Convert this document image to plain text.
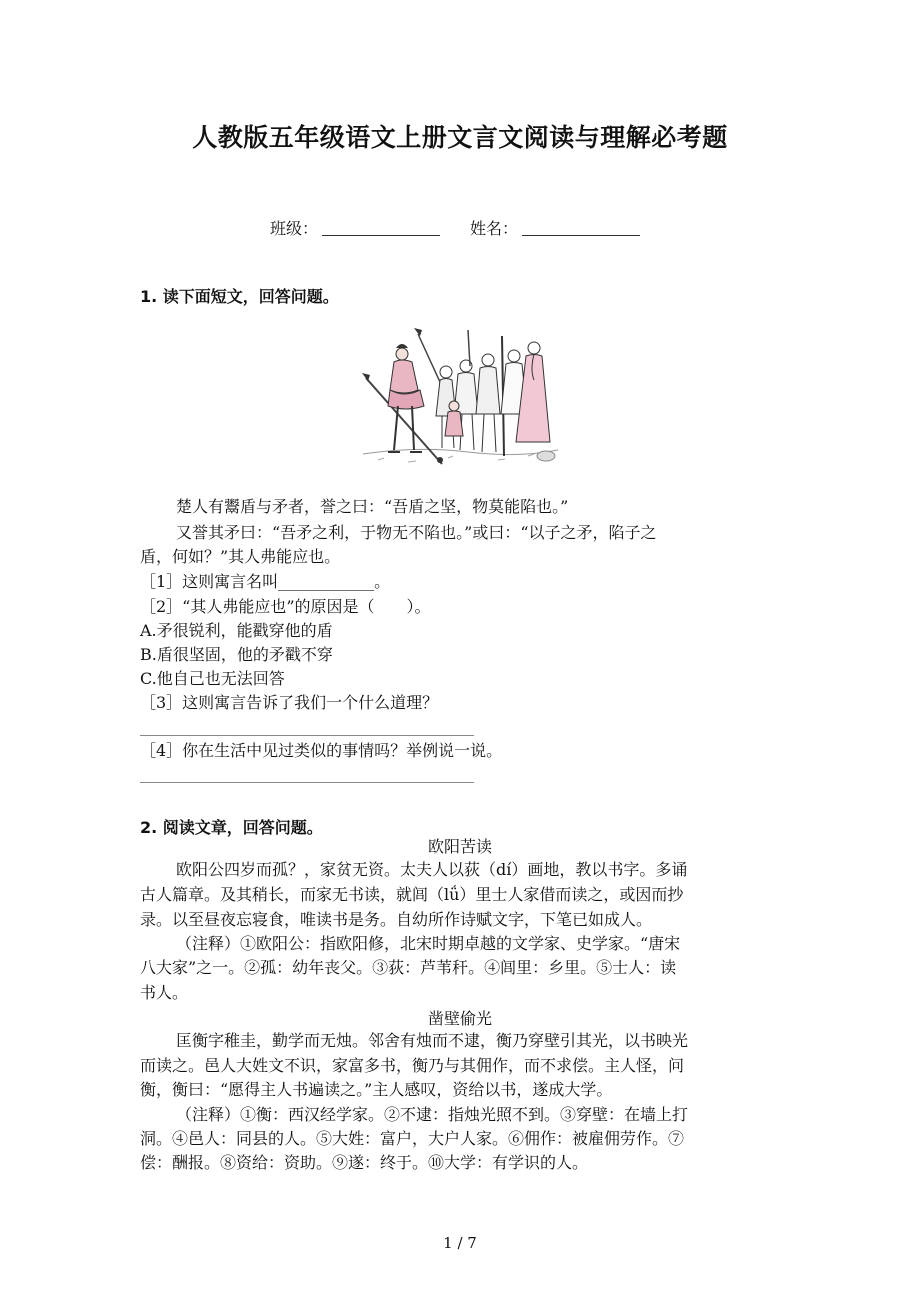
人教版五年级语文上册文言文阅读与理解必考题
班级：	姓名：
1. 读下面短文，回答问题。
楚人有鬻盾与矛者，誉之曰：“吾盾之坚，物莫能陷也。”
又誉其矛曰：“吾矛之利，于物无不陷也。”或曰：“以子之矛，陷子之
盾，何如？”其人弗能应也。
［1］这则寓言名叫____________。
［2］“其人弗能应也”的原因是（　　）。
A.矛很锐利，能戳穿他的盾
B.盾很坚固，他的矛戳不穿
C.他自己也无法回答
［3］这则寓言告诉了我们一个什么道理？
［4］你在生活中见过类似的事情吗？举例说一说。
2. 阅读文章，回答问题。
欧阳苦读
欧阳公四岁而孤？，家贫无资。太夫人以荻（dí）画地，教以书字。多诵
古人篇章。及其稍长，而家无书读，就闾（lǘ）里士人家借而读之，或因而抄
录。以至昼夜忘寝食，唯读书是务。自幼所作诗赋文字，下笔已如成人。
（注释）①欧阳公：指欧阳修，北宋时期卓越的文学家、史学家。“唐宋
八大家”之一。②孤：幼年丧父。③荻：芦苇秆。④闾里：乡里。⑤士人：读
书人。
凿壁偷光
匡衡字稚圭，勤学而无烛。邻舍有烛而不逮，衡乃穿壁引其光，以书映光
而读之。邑人大姓文不识，家富多书，衡乃与其佣作，而不求偿。主人怪，问
衡，衡曰：“愿得主人书遍读之。”主人感叹，资给以书，遂成大学。
（注释）①衡：西汉经学家。②不逮：指烛光照不到。③穿壁：在墙上打
洞。④邑人：同县的人。⑤大姓：富户，大户人家。⑥佣作：被雇佣劳作。⑦
偿：酬报。⑧资给：资助。⑨遂：终于。⑩大学：有学识的人。
1 / 7
